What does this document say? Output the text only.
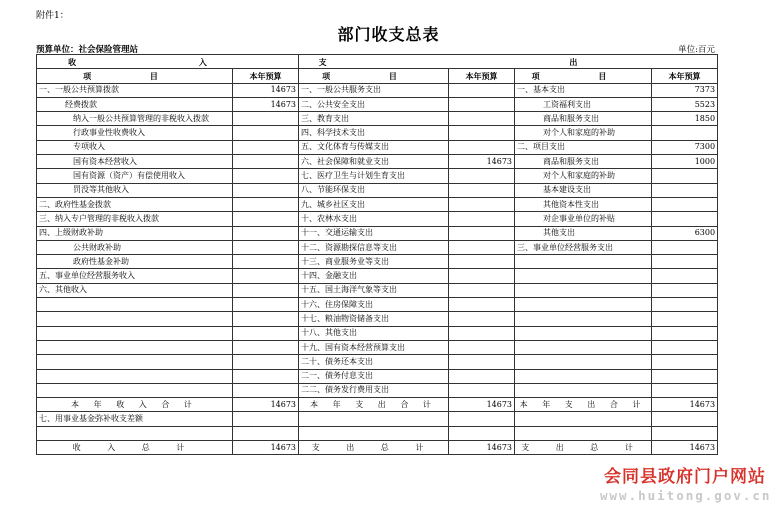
附件1：
部门收支总表
预算单位：社会保险管理站	单位:百元
收 入		支 出			
项 目	本年预算	项 目	本年预算	项 目	本年预算
一、一般公共预算拨款	14673	一、一般公共服务支出		一、基本支出	7373
经费拨款	14673	二、公共安全支出		工资福利支出	5523
纳入一般公共预算管理的非税收入拨款		三、教育支出		商品和服务支出	1850
行政事业性收费收入		四、科学技术支出		对个人和家庭的补助	
专项收入		五、文化体育与传媒支出		二、项目支出	7300
国有资本经营收入		六、社会保障和就业支出	14673	商品和服务支出	1000
国有资源（资产）有偿使用收入		七、医疗卫生与计划生育支出		对个人和家庭的补助	
罚没等其他收入		八、节能环保支出		基本建设支出	
二、政府性基金拨款		九、城乡社区支出		其他资本性支出	
三、纳入专户管理的非税收入拨款		十、农林水支出		对企事业单位的补贴	
四、上级财政补助		十一、交通运输支出		其他支出	6300
公共财政补助		十二、资源勘探信息等支出		三、事业单位经营服务支出	
政府性基金补助		十三、商业服务业等支出			
五、事业单位经营服务收入		十四、金融支出			
六、其他收入		十五、国土海洋气象等支出			
		十六、住房保障支出			
		十七、粮油物资储备支出			
		十八、其他支出			
		十九、国有资本经营预算支出			
		二十、债务还本支出			
		二一、债务付息支出			
		二二、债务发行费用支出			
本 年 收 入 合 计	14673	本 年 支 出 合 计	14673	本 年 支 出 合 计	14673
七、用事业基金弥补收支差额					

收 入 总 计	14673	支 出 总 计	14673	支 出 总 计	14673
会同县政府门户网站
www.huitong.gov.cn
